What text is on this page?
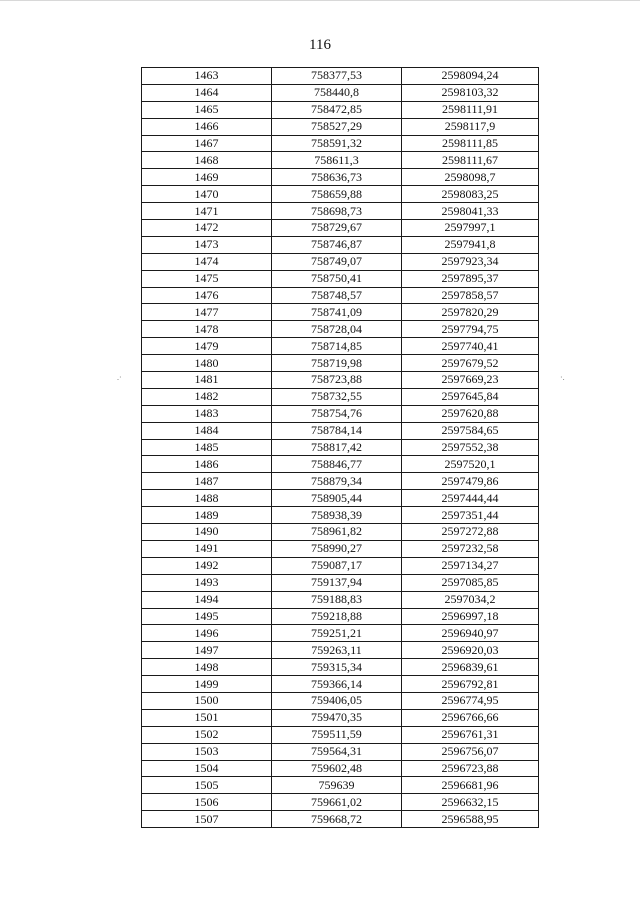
.·	·.
116
1463	758377,53	2598094,24
1464	758440,8	2598103,32
1465	758472,85	2598111,91
1466	758527,29	2598117,9
1467	758591,32	2598111,85
1468	758611,3	2598111,67
1469	758636,73	2598098,7
1470	758659,88	2598083,25
1471	758698,73	2598041,33
1472	758729,67	2597997,1
1473	758746,87	2597941,8
1474	758749,07	2597923,34
1475	758750,41	2597895,37
1476	758748,57	2597858,57
1477	758741,09	2597820,29
1478	758728,04	2597794,75
1479	758714,85	2597740,41
1480	758719,98	2597679,52
1481	758723,88	2597669,23
1482	758732,55	2597645,84
1483	758754,76	2597620,88
1484	758784,14	2597584,65
1485	758817,42	2597552,38
1486	758846,77	2597520,1
1487	758879,34	2597479,86
1488	758905,44	2597444,44
1489	758938,39	2597351,44
1490	758961,82	2597272,88
1491	758990,27	2597232,58
1492	759087,17	2597134,27
1493	759137,94	2597085,85
1494	759188,83	2597034,2
1495	759218,88	2596997,18
1496	759251,21	2596940,97
1497	759263,11	2596920,03
1498	759315,34	2596839,61
1499	759366,14	2596792,81
1500	759406,05	2596774,95
1501	759470,35	2596766,66
1502	759511,59	2596761,31
1503	759564,31	2596756,07
1504	759602,48	2596723,88
1505	759639	2596681,96
1506	759661,02	2596632,15
1507	759668,72	2596588,95
